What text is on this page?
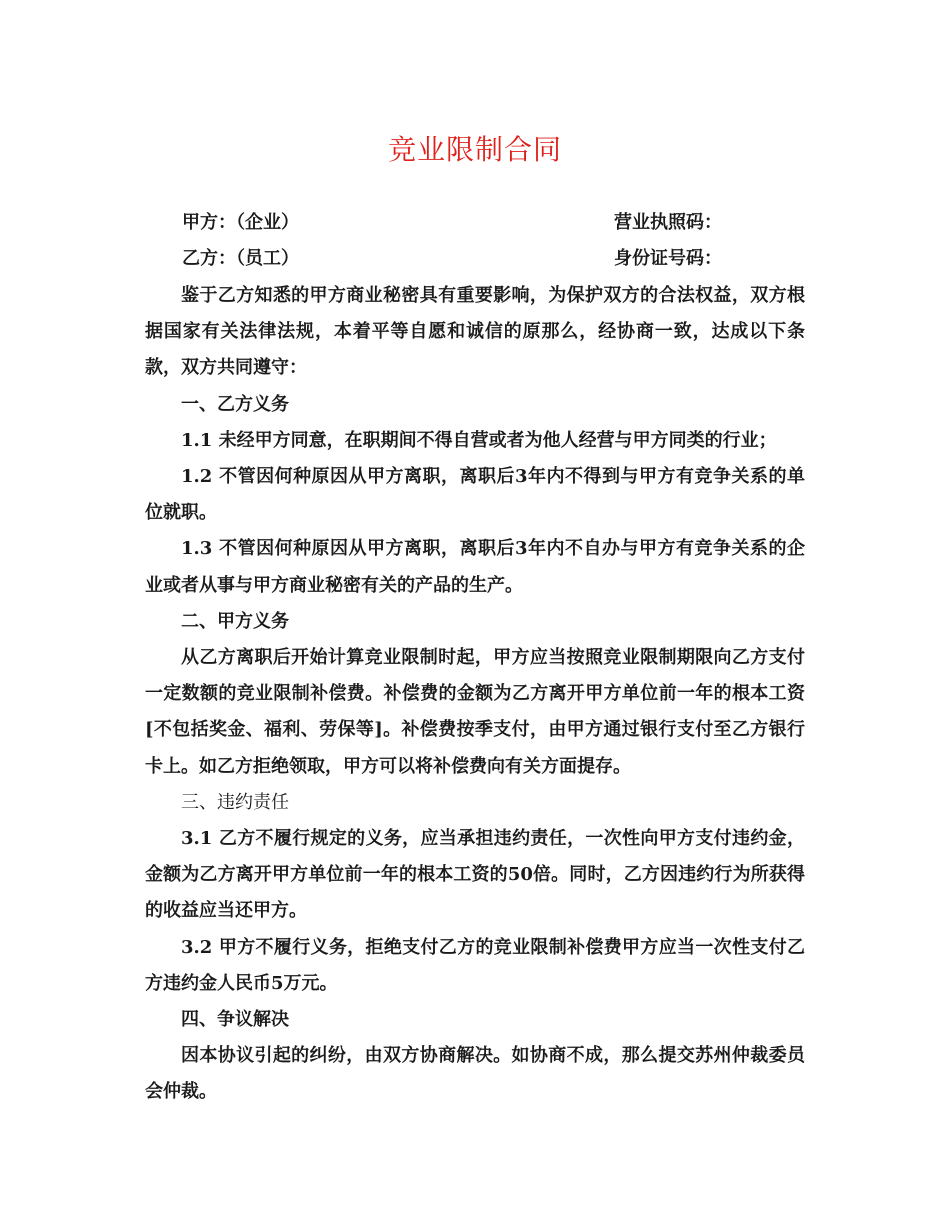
竞业限制合同
甲方：（企业）	营业执照码：
乙方：（员工）	身份证号码：

鉴于乙方知悉的甲方商业秘密具有重要影响，为保护双方的合法权益，双方根据国家有关法律法规，本着平等自愿和诚信的原那么，经协商一致，达成以下条款，双方共同遵守：

一、乙方义务

1.1 未经甲方同意，在职期间不得自营或者为他人经营与甲方同类的行业；

1.2 不管因何种原因从甲方离职，离职后3年内不得到与甲方有竞争关系的单位就职。

1.3 不管因何种原因从甲方离职，离职后3年内不自办与甲方有竞争关系的企业或者从事与甲方商业秘密有关的产品的生产。

二、甲方义务

从乙方离职后开始计算竞业限制时起，甲方应当按照竞业限制期限向乙方支付一定数额的竞业限制补偿费。补偿费的金额为乙方离开甲方单位前一年的根本工资[不包括奖金、福利、劳保等]。补偿费按季支付，由甲方通过银行支付至乙方银行卡上。如乙方拒绝领取，甲方可以将补偿费向有关方面提存。

三、违约责任

3.1 乙方不履行规定的义务，应当承担违约责任，一次性向甲方支付违约金，金额为乙方离开甲方单位前一年的根本工资的50倍。同时，乙方因违约行为所获得的收益应当还甲方。

3.2 甲方不履行义务，拒绝支付乙方的竞业限制补偿费甲方应当一次性支付乙方违约金人民币5万元。

四、争议解决

因本协议引起的纠纷，由双方协商解决。如协商不成，那么提交苏州仲裁委员会仲裁。
